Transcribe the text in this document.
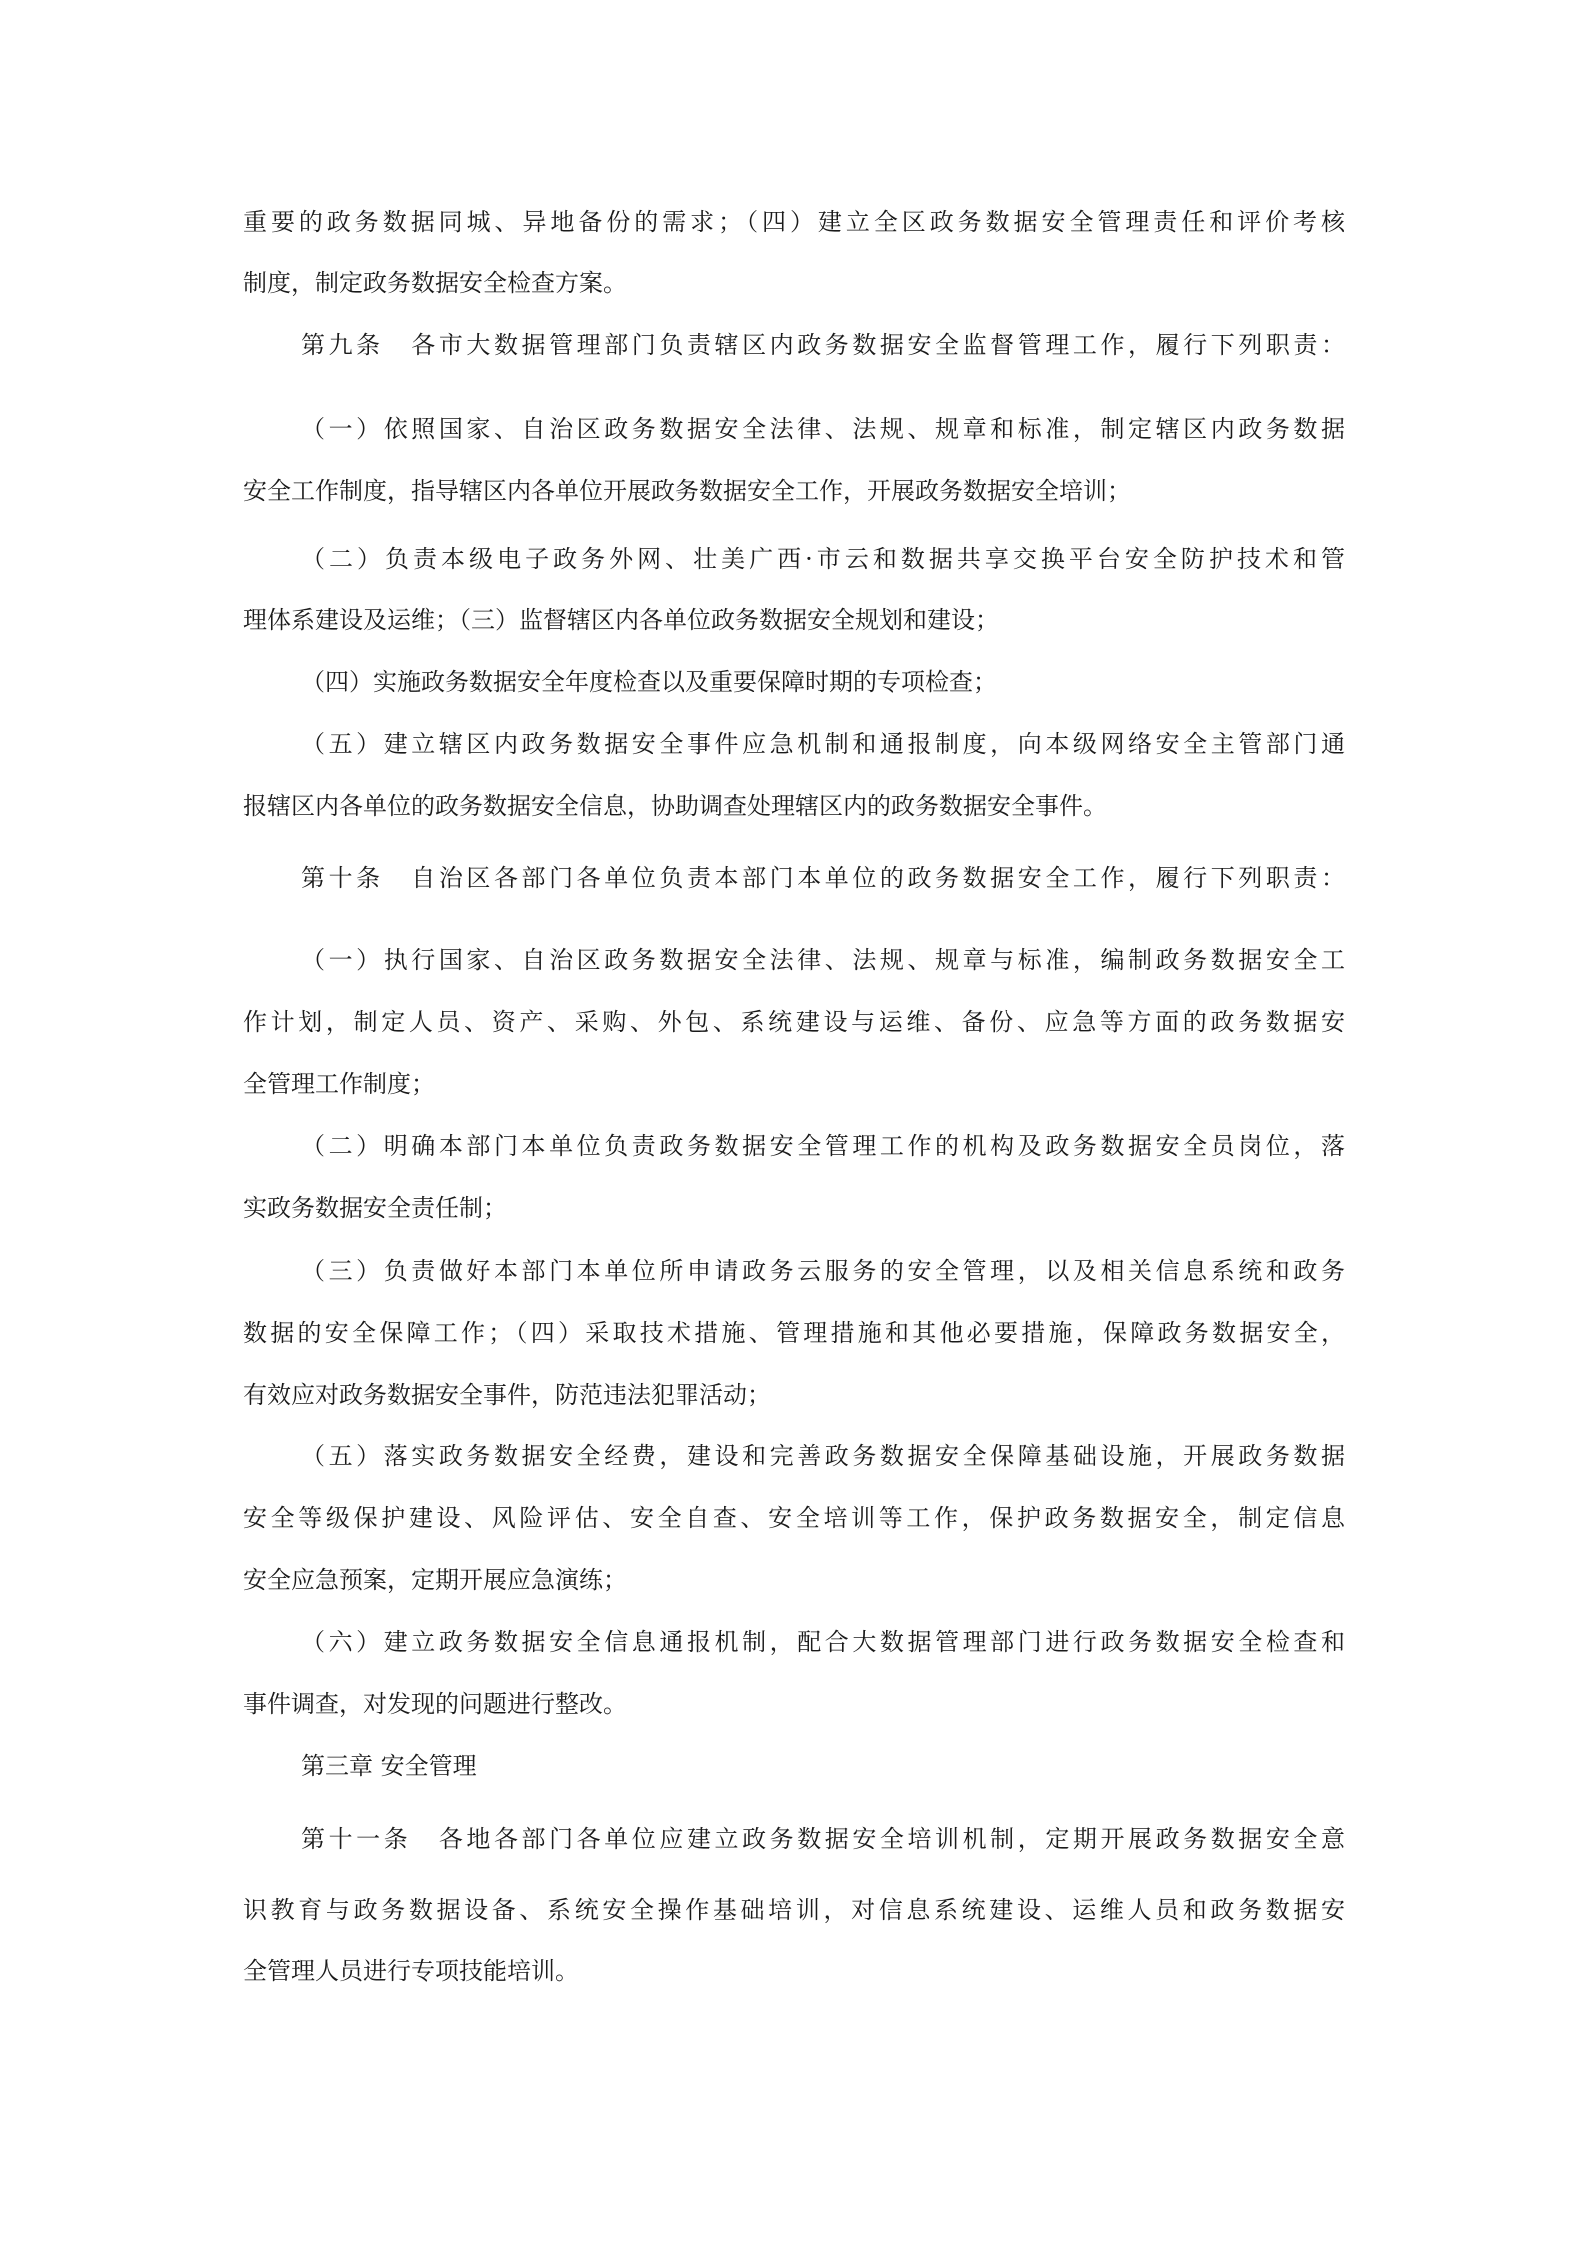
重要的政务数据同城、异地备份的需求；（四）建立全区政务数据安全管理责任和评价考核
制度，制定政务数据安全检查方案。
第九条　各市大数据管理部门负责辖区内政务数据安全监督管理工作，履行下列职责：
（一）依照国家、自治区政务数据安全法律、法规、规章和标准，制定辖区内政务数据
安全工作制度，指导辖区内各单位开展政务数据安全工作，开展政务数据安全培训；
（二）负责本级电子政务外网、壮美广西·市云和数据共享交换平台安全防护技术和管
理体系建设及运维；（三）监督辖区内各单位政务数据安全规划和建设；
（四）实施政务数据安全年度检查以及重要保障时期的专项检查；
（五）建立辖区内政务数据安全事件应急机制和通报制度，向本级网络安全主管部门通
报辖区内各单位的政务数据安全信息，协助调查处理辖区内的政务数据安全事件。
第十条　自治区各部门各单位负责本部门本单位的政务数据安全工作，履行下列职责：
（一）执行国家、自治区政务数据安全法律、法规、规章与标准，编制政务数据安全工
作计划，制定人员、资产、采购、外包、系统建设与运维、备份、应急等方面的政务数据安
全管理工作制度；
（二）明确本部门本单位负责政务数据安全管理工作的机构及政务数据安全员岗位，落
实政务数据安全责任制；
（三）负责做好本部门本单位所申请政务云服务的安全管理，以及相关信息系统和政务
数据的安全保障工作；（四）采取技术措施、管理措施和其他必要措施，保障政务数据安全，
有效应对政务数据安全事件，防范违法犯罪活动；
（五）落实政务数据安全经费，建设和完善政务数据安全保障基础设施，开展政务数据
安全等级保护建设、风险评估、安全自查、安全培训等工作，保护政务数据安全，制定信息
安全应急预案，定期开展应急演练；
（六）建立政务数据安全信息通报机制，配合大数据管理部门进行政务数据安全检查和
事件调查，对发现的问题进行整改。
第三章 安全管理
第十一条　各地各部门各单位应建立政务数据安全培训机制，定期开展政务数据安全意
识教育与政务数据设备、系统安全操作基础培训，对信息系统建设、运维人员和政务数据安
全管理人员进行专项技能培训。
